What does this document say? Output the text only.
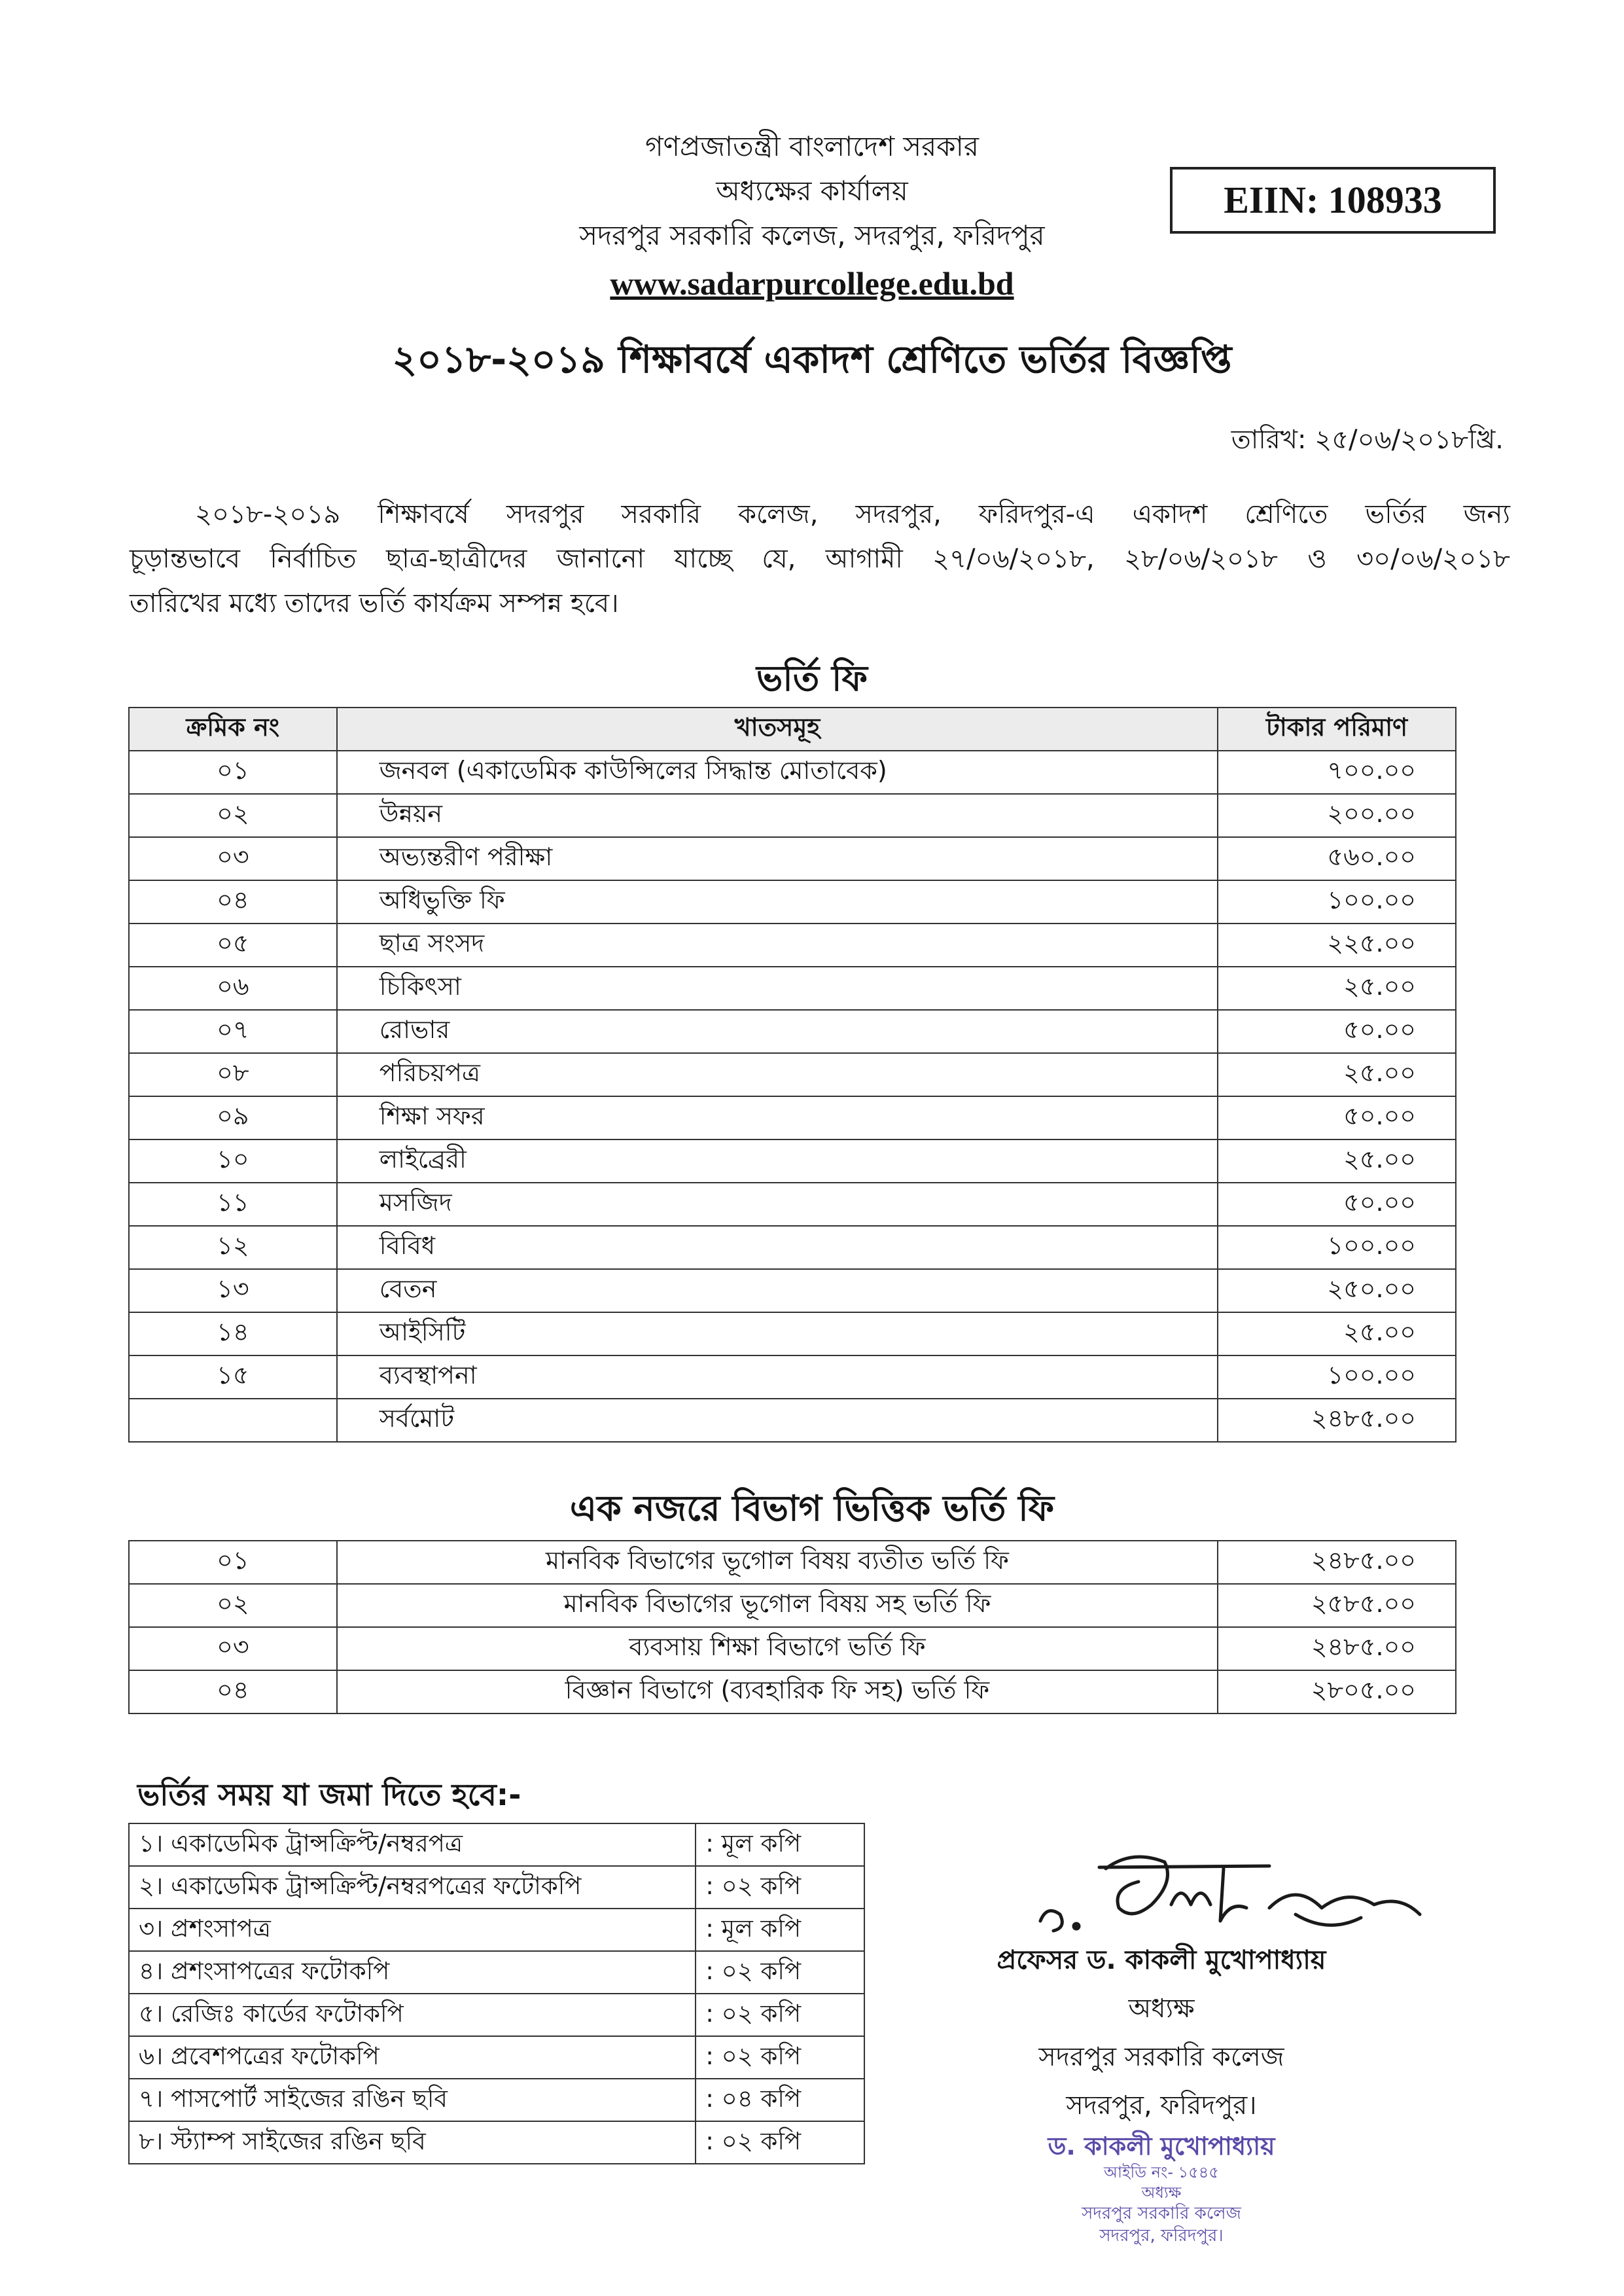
গণপ্রজাতন্ত্রী বাংলাদেশ সরকার
অধ্যক্ষের কার্যালয়
সদরপুর সরকারি কলেজ, সদরপুর, ফরিদপুর
www.sadarpurcollege.edu.bd
EIIN: 108933
২০১৮-২০১৯ শিক্ষাবর্ষে একাদশ শ্রেণিতে ভর্তির বিজ্ঞপ্তি
তারিখ: ২৫/০৬/২০১৮খ্রি.
২০১৮-২০১৯ শিক্ষাবর্ষে সদরপুর সরকারি কলেজ, সদরপুর, ফরিদপুর-এ একাদশ শ্রেণিতে ভর্তির জন্য
চূড়ান্তভাবে নির্বাচিত ছাত্র-ছাত্রীদের জানানো যাচ্ছে যে, আগামী ২৭/০৬/২০১৮, ২৮/০৬/২০১৮ ও ৩০/০৬/২০১৮
তারিখের মধ্যে তাদের ভর্তি কার্যক্রম সম্পন্ন হবে।
ভর্তি ফি
ক্রমিক নং	খাতসমূহ	টাকার পরিমাণ
০১	জনবল (একাডেমিক কাউন্সিলের সিদ্ধান্ত মোতাবেক)	৭০০.০০
০২	উন্নয়ন	২০০.০০
০৩	অভ্যন্তরীণ পরীক্ষা	৫৬০.০০
০৪	অধিভুক্তি ফি	১০০.০০
০৫	ছাত্র সংসদ	২২৫.০০
০৬	চিকিৎসা	২৫.০০
০৭	রোভার	৫০.০০
০৮	পরিচয়পত্র	২৫.০০
০৯	শিক্ষা সফর	৫০.০০
১০	লাইব্রেরী	২৫.০০
১১	মসজিদ	৫০.০০
১২	বিবিধ	১০০.০০
১৩	বেতন	২৫০.০০
১৪	আইসিটি	২৫.০০
১৫	ব্যবস্থাপনা	১০০.০০
	সর্বমোট	২৪৮৫.০০
এক নজরে বিভাগ ভিত্তিক ভর্তি ফি
০১	মানবিক বিভাগের ভূগোল বিষয় ব্যতীত ভর্তি ফি	২৪৮৫.০০
০২	মানবিক বিভাগের ভূগোল বিষয় সহ ভর্তি ফি	২৫৮৫.০০
০৩	ব্যবসায় শিক্ষা বিভাগে ভর্তি ফি	২৪৮৫.০০
০৪	বিজ্ঞান বিভাগে (ব্যবহারিক ফি সহ) ভর্তি ফি	২৮০৫.০০
ভর্তির সময় যা জমা দিতে হবে:-
১। একাডেমিক ট্রান্সক্রিপ্ট/নম্বরপত্র	: মূল কপি
২। একাডেমিক ট্রান্সক্রিপ্ট/নম্বরপত্রের ফটোকপি	: ০২ কপি
৩। প্রশংসাপত্র	: মূল কপি
৪। প্রশংসাপত্রের ফটোকপি	: ০২ কপি
৫। রেজিঃ কার্ডের ফটোকপি	: ০২ কপি
৬। প্রবেশপত্রের ফটোকপি	: ০২ কপি
৭। পাসপোর্ট সাইজের রঙিন ছবি	: ০৪ কপি
৮। স্ট্যাম্প সাইজের রঙিন ছবি	: ০২ কপি
প্রফেসর ড. কাকলী মুখোপাধ্যায়
অধ্যক্ষ
সদরপুর সরকারি কলেজ
সদরপুর, ফরিদপুর।
ড. কাকলী মুখোপাধ্যায়
আইডি নং- ১৫৪৫
অধ্যক্ষ
সদরপুর সরকারি কলেজ
সদরপুর, ফরিদপুর।
